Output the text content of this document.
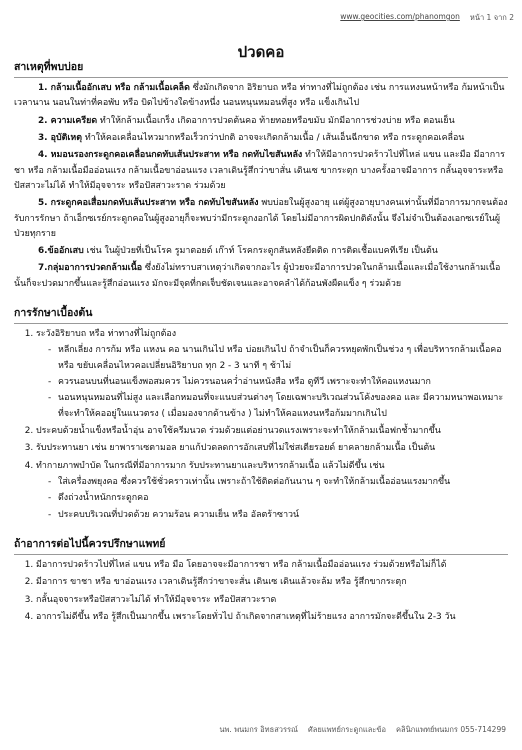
www.geocities.com/phanomgon หน้า 1 จาก 2
ปวดคอ
สาเหตุที่พบบ่อย

1. กล้ามเนื้ออักเสบ หรือ กล้ามเนื้อเคล็ด ซึ่งมักเกิดจาก อิริยาบถ หรือ ท่าทางที่ไม่ถูกต้อง เช่น การแหงนหน้าหรือ ก้มหน้าเป็นเวลานาน นอนในท่าที่คอพับ หรือ บิดไปข้างใดข้างหนึ่ง นอนหนุนหมอนที่สูง หรือ แข็งเกินไป

2. ความเครียด ทำให้กล้ามเนื้อเกร็ง เกิดอาการปวดต้นคอ ท้ายทอยหรือขมับ มักมีอาการช่วงบ่าย หรือ ตอนเย็น

3. อุบัติเหตุ ทำให้คอเคลื่อนไหวมากหรือเร็วกว่าปกติ อาจจะเกิดกล้ามเนื้อ / เส้นเอ็นฉีกขาด หรือ กระดูกคอเคลื่อน

4. หมอนรองกระดูกคอเคลื่อนกดทับเส้นประสาท หรือ กดทับไขสันหลัง ทำให้มีอาการปวดร้าวไปที่ไหล่ แขน และมือ มีอาการชา หรือ กล้ามเนื้อมืออ่อนแรง กล้ามเนื้อขาอ่อนแรง เวลาเดินรู้สึกว่าขาสั่น เดินเซ ขากระตุก บางครั้งอาจมีอาการ กลั้นอุจจาระหรือปัสสาวะไม่ได้ ทำให้มีอุจจาระ หรือปัสสาวะราด ร่วมด้วย

5. กระดูกคอเสื่อมกดทับเส้นประสาท หรือ กดทับไขสันหลัง พบบ่อยในผู้สูงอายุ แต่ผู้สูงอายุบางคนเท่านั้นที่มีอาการมากจนต้องรับการรักษา ถ้าเอ็กซเรย์กระดูกคอในผู้สูงอายุก็จะพบว่ามีกระดูกงอกได้ โดยไม่มีอาการผิดปกติดังนั้น จึงไม่จำเป็นต้องเอกซเรย์ในผู้ป่วยทุกราย

6.ข้ออักเสบ เช่น ในผู้ป่วยที่เป็นโรค รูมาตอยด์ เก๊าท์ โรคกระดูกสันหลังยึดติด การติดเชื้อแบคทีเรีย เป็นต้น

7.กลุ่มอาการปวดกล้ามเนื้อ ซึ่งยังไม่ทราบสาเหตุว่าเกิดจากอะไร ผู้ป่วยจะมีอาการปวดในกล้ามเนื้อและเมื่อใช้งานกล้ามเนื้อนั้นก็จะปวดมากขึ้นและรู้สึกอ่อนแรง มักจะมีจุดที่กดเจ็บชัดเจนและอาจคลำได้ก้อนพังผืดแข็ง ๆ ร่วมด้วย

การรักษาเบื้องต้น
1. ระวังอิริยาบถ หรือ ท่าทางที่ไม่ถูกต้อง
- หลีกเลี่ยง การก้ม หรือ แหงน คอ นานเกินไป หรือ บ่อยเกินไป ถ้าจำเป็นก็ควรหยุดพักเป็นช่วง ๆ เพื่อบริหารกล้ามเนื้อคอ หรือ ขยับเคลื่อนไหวคอเปลี่ยนอิริยาบถ ทุก 2 - 3 นาที ๆ ช้าไม่
- ควรนอนบนที่นอนแข็งพอสมควร ไม่ควรนอนคว่ำอ่านหนังสือ หรือ ดูทีวี เพราะจะทำให้คอแหงนมาก
- นอนหนุนหมอนที่ไม่สูง และเลือกหมอนที่จะแนบส่วนต่างๆ โดยเฉพาะบริเวณส่วนโค้งของคอ และ มีความหนาพอเหมาะที่จะทำให้คออยู่ในแนวตรง ( เมื่อมองจากด้านข้าง ) ไม่ทำให้คอแหงนหรือก้มมากเกินไป
2. ประคบด้วยน้ำแข็งหรือน้ำอุ่น อาจใช้ครีมนวด ร่วมด้วยแต่อย่านวดแรงเพราะจะทำให้กล้ามเนื้อฟกช้ำมากขึ้น
3. รับประทานยา เช่น ยาพาราเซตามอล ยาแก้ปวดลดการอักเสบที่ไม่ใช่สเตียรอยด์ ยาคลายกล้ามเนื้อ เป็นต้น
4. ทำกายภาพบำบัด ในกรณีที่มีอาการมาก รับประทานยาและบริหารกล้ามเนื้อ แล้วไม่ดีขึ้น เช่น
- ใส่เครื่องพยุงคอ ซึ่งควรใช้ชั่วคราวเท่านั้น เพราะถ้าใช้ติดต่อกันนาน ๆ จะทำให้กล้ามเนื้ออ่อนแรงมากขึ้น
- ดึงถ่วงน้ำหนักกระดูกคอ
- ประคบบริเวณที่ปวดด้วย ความร้อน ความเย็น หรือ อัลตร้าซาวน์
ถ้าอาการต่อไปนี้ควรปรึกษาแพทย์
1. มีอาการปวดร้าวไปที่ไหล่ แขน หรือ มือ โดยอาจจะมีอาการชา หรือ กล้ามเนื้อมืออ่อนแรง ร่วมด้วยหรือไม่ก็ได้
2. มีอาการ ขาชา หรือ ขาอ่อนแรง เวลาเดินรู้สึกว่าขาจะสั่น เดินเซ เดินแล้วจะล้ม หรือ รู้สึกขากระตุก
3. กลั้นอุจจาระหรือปัสสาวะไม่ได้ ทำให้มีอุจจาระ หรือปัสสาวะราด
4. อาการไม่ดีขึ้น หรือ รู้สึกเป็นมากขึ้น เพราะโดยทั่วไป ถ้าเกิดจากสาเหตุที่ไม่ร้ายแรง อาการมักจะดีขึ้นใน 2-3 วัน
นพ. พนมกร อิทธสวรรณ์ ศัลยแพทย์กระดูกและข้อ คลินิกแพทย์พนมกร 055-714299
